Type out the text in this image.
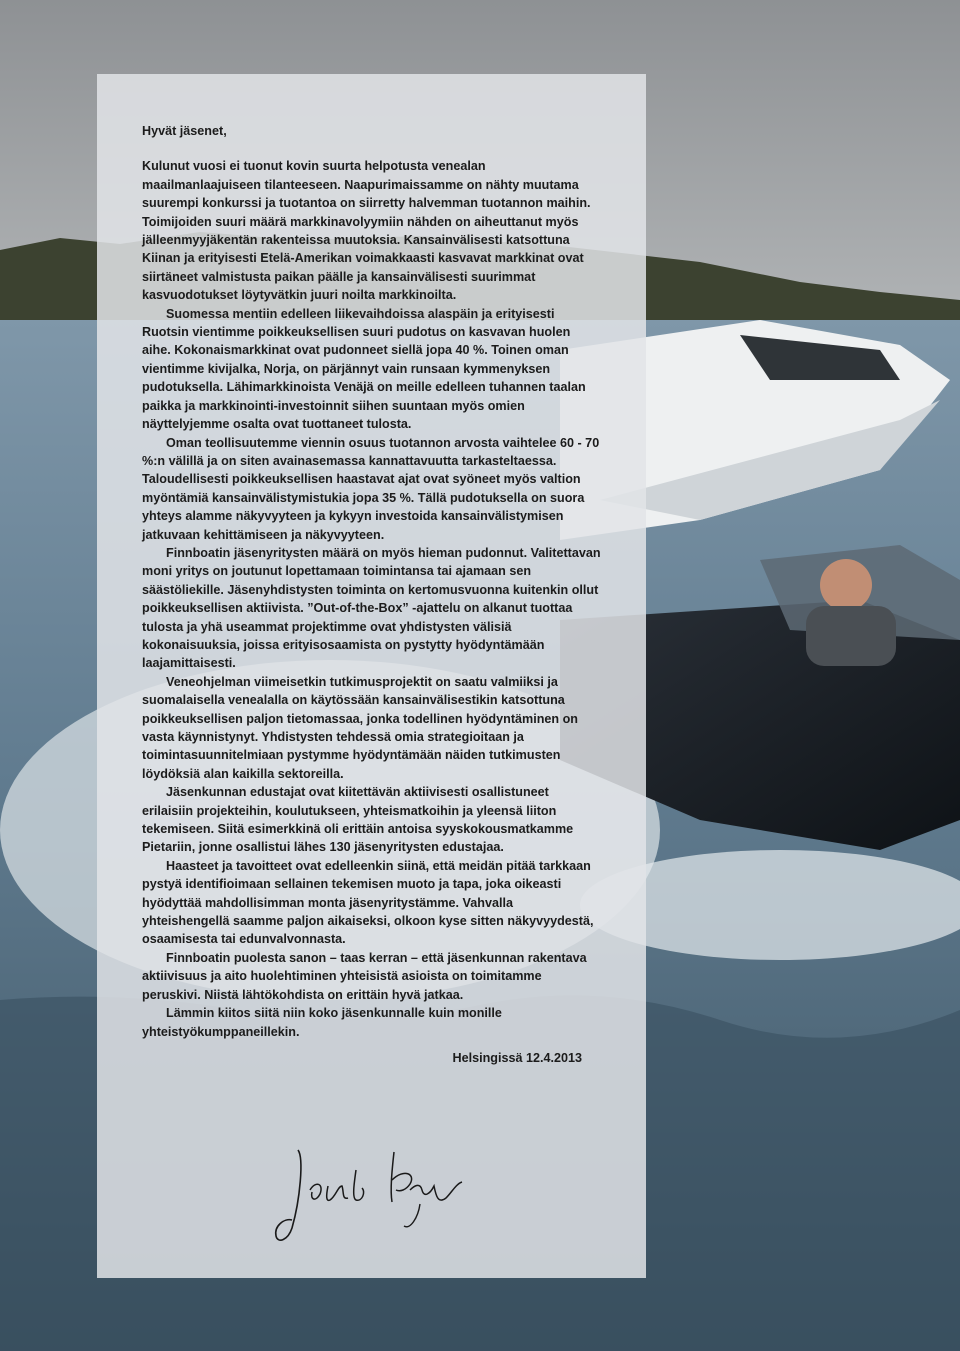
Hyvät jäsenet,

Kulunut vuosi ei tuonut kovin suurta helpotusta venealan maailmanlaajuiseen tilanteeseen. Naapurimaissamme on nähty muutama suurempi konkurssi ja tuotantoa on siirretty halvemman tuotannon maihin. Toimijoiden suuri määrä markkinavolyymiin nähden on aiheuttanut myös jälleenmyyjäkentän rakenteissa muutoksia. Kansainvälisesti katsottuna Kiinan ja erityisesti Etelä-Amerikan voimakkaasti kasvavat markkinat ovat siirtäneet valmistusta paikan päälle ja kansainvälisesti suurimmat kasvuodotukset löytyvätkin juuri noilta markkinoilta.

Suomessa mentiin edelleen liikevaihdoissa alaspäin ja erityisesti Ruotsin vientimme poikkeuksellisen suuri pudotus on kasvavan huolen aihe. Kokonaismarkkinat ovat pudonneet siellä jopa 40 %. Toinen oman vientimme kivijalka, Norja, on pärjännyt vain runsaan kymmenyksen pudotuksella. Lähimarkkinoista Venäjä on meille edelleen tuhannen taalan paikka ja markkinointi-investoinnit siihen suuntaan myös omien näyttelyjemme osalta ovat tuottaneet tulosta.

Oman teollisuutemme viennin osuus tuotannon arvosta vaihtelee 60 - 70 %:n välillä ja on siten avainasemassa kannattavuutta tarkasteltaessa. Taloudellisesti poikkeuksellisen haastavat ajat ovat syöneet myös valtion myöntämiä kansainvälistymistukia jopa 35 %. Tällä pudotuksella on suora yhteys alamme näkyvyyteen ja kykyyn investoida kansainvälistymisen jatkuvaan kehittämiseen ja näkyvyyteen.

Finnboatin jäsenyritysten määrä on myös hieman pudonnut. Valitettavan moni yritys on joutunut lopettamaan toimintansa tai ajamaan sen säästöliekille. Jäsenyhdistysten toiminta on kertomusvuonna kuitenkin ollut poikkeuksellisen aktiivista. ”Out-of-the-Box” -ajattelu on alkanut tuottaa tulosta ja yhä useammat projektimme ovat yhdistysten välisiä kokonaisuuksia, joissa erityisosaamista on pystytty hyödyntämään laajamittaisesti.

Veneohjelman viimeisetkin tutkimusprojektit on saatu valmiiksi ja suomalaisella venealalla on käytössään kansainvälisestikin katsottuna poikkeuksellisen paljon tietomassaa, jonka todellinen hyödyntäminen on vasta käynnistynyt. Yhdistysten tehdessä omia strategioitaan ja toimintasuunnitelmiaan pystymme hyödyntämään näiden tutkimusten löydöksiä alan kaikilla sektoreilla.

Jäsenkunnan edustajat ovat kiitettävän aktiivisesti osallistuneet erilaisiin projekteihin, koulutukseen, yhteismatkoihin ja yleensä liiton tekemiseen. Siitä esimerkkinä oli erittäin antoisa syyskokousmatkamme Pietariin, jonne osallistui lähes 130 jäsenyritysten edustajaa.

Haasteet ja tavoitteet ovat edelleenkin siinä, että meidän pitää tarkkaan pystyä identifioimaan sellainen tekemisen muoto ja tapa, joka oikeasti hyödyttää mahdollisimman monta jäsenyritystämme. Vahvalla yhteishengellä saamme paljon aikaiseksi, olkoon kyse sitten näkyvyydestä, osaamisesta tai edunvalvonnasta.

Finnboatin puolesta sanon – taas kerran – että jäsenkunnan rakentava aktiivisuus ja aito huolehtiminen yhteisistä asioista on toimitamme peruskivi. Niistä lähtökohdista on erittäin hyvä jatkaa.

Lämmin kiitos siitä niin koko jäsenkunnalle kuin monille yhteistyökumppaneillekin.

Helsingissä 12.4.2013
